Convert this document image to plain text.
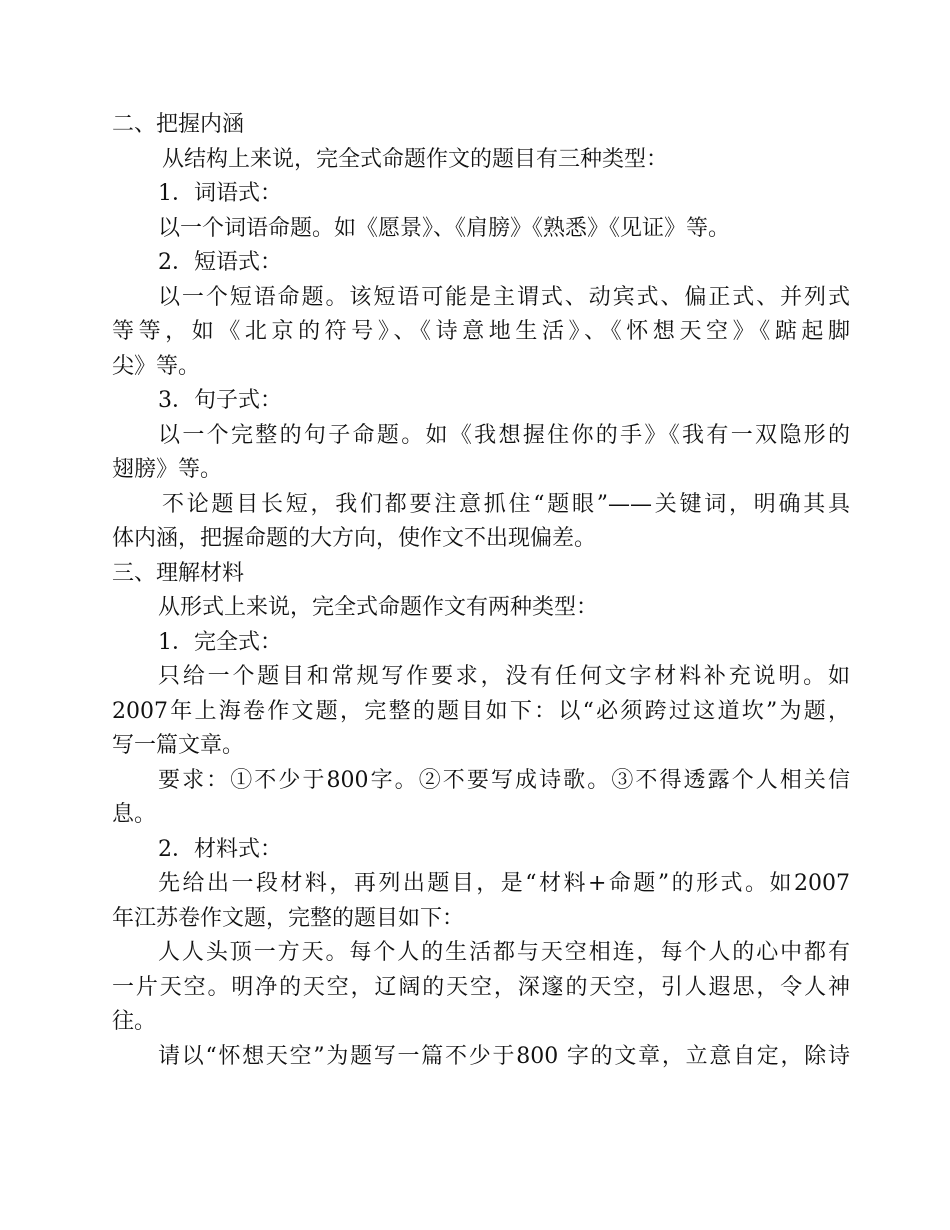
二、把握内涵
从结构上来说，完全式命题作文的题目有三种类型：
1．词语式：
以一个词语命题。如《愿景》、《肩膀》《熟悉》《见证》等。
2．短语式：
以一个短语命题。该短语可能是主谓式、动宾式、偏正式、并列式
等等，如《北京的符号》、《诗意地生活》、《怀想天空》《踮起脚
尖》等。
3．句子式：
以一个完整的句子命题。如《我想握住你的手》《我有一双隐形的
翅膀》等。
不论题目长短，我们都要注意抓住“题眼”——关键词，明确其具
体内涵，把握命题的大方向，使作文不出现偏差。
三、理解材料
从形式上来说，完全式命题作文有两种类型：
1．完全式：
只给一个题目和常规写作要求，没有任何文字材料补充说明。如
2007年上海卷作文题，完整的题目如下：以“必须跨过这道坎”为题，
写一篇文章。
要求：①不少于800字。②不要写成诗歌。③不得透露个人相关信
息。
2．材料式：
先给出一段材料，再列出题目，是“材料+命题”的形式。如2007
年江苏卷作文题，完整的题目如下：
人人头顶一方天。每个人的生活都与天空相连，每个人的心中都有
一片天空。明净的天空，辽阔的天空，深邃的天空，引人遐思，令人神
往。
请以“怀想天空”为题写一篇不少于800 字的文章，立意自定，除诗
